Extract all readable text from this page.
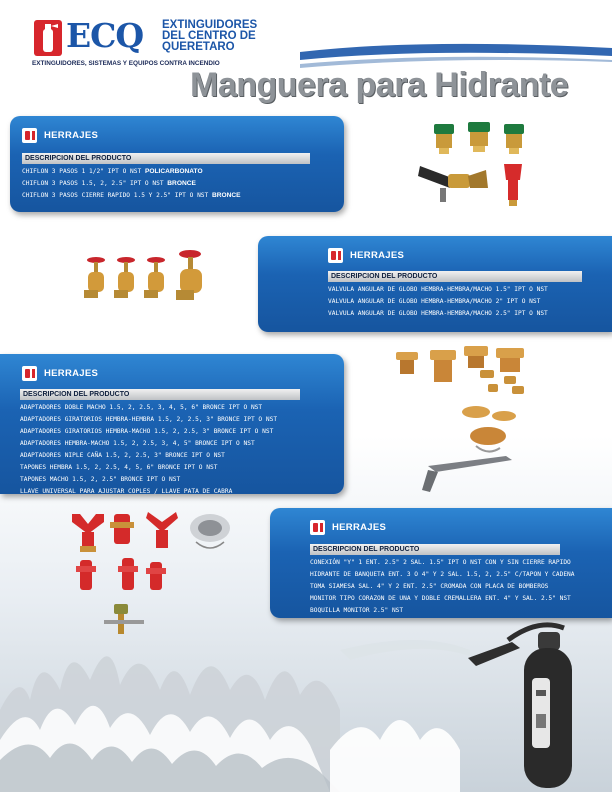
ECQ EXTINGUIDORES DEL CENTRO DE QUERETARO
EXTINGUIDORES, SISTEMAS Y EQUIPOS CONTRA INCENDIO
Manguera para Hidrante
HERRAJES
DESCRIPCION DEL PRODUCTO
CHIFLON 3 PASOS 1 1/2" IPT O NST POLICARBONATO
CHIFLON 3 PASOS 1.5, 2, 2.5" IPT O NST BRONCE
CHIFLON 3 PASOS CIERRE RAPIDO 1.5 Y 2.5" IPT O NST BRONCE
HERRAJES
DESCRIPCION DEL PRODUCTO
VALVULA ANGULAR DE GLOBO HEMBRA-HEMBRA/MACHO 1.5" IPT O NST
VALVULA ANGULAR DE GLOBO HEMBRA-HEMBRA/MACHO 2" IPT O NST
VALVULA ANGULAR DE GLOBO HEMBRA-HEMBRA/MACHO 2.5" IPT O NST
HERRAJES
DESCRIPCION DEL PRODUCTO
ADAPTADORES DOBLE MACHO 1.5, 2, 2.5, 3, 4, 5, 6" BRONCE IPT O NST
ADAPTADORES GIRATORIOS HEMBRA-HEMBRA 1.5, 2, 2.5, 3" BRONCE IPT O NST
ADAPTADORES GIRATORIOS HEMBRA-MACHO 1.5, 2, 2.5, 3" BRONCE IPT O NST
ADAPTADORES HEMBRA-MACHO 1.5, 2, 2.5, 3, 4, 5" BRONCE IPT O NST
ADAPTADORES NIPLE CAÑA 1.5, 2, 2.5, 3" BRONCE IPT O NST
TAPONES HEMBRA 1.5, 2, 2.5, 4, 5, 6" BRONCE IPT O NST
TAPONES MACHO 1.5, 2, 2.5" BRONCE IPT O NST
LLAVE UNIVERSAL PARA AJUSTAR COPLES / LLAVE PATA DE CABRA
HERRAJES
DESCRIPCION DEL PRODUCTO
CONEXIÓN "Y" 1 ENT. 2.5" 2 SAL. 1.5" IPT O NST CON Y SIN CIERRE RAPIDO
HIDRANTE DE BANQUETA ENT. 3 O 4" Y 2 SAL. 1.5, 2, 2.5" C/TAPON Y CADENA
TOMA SIAMESA SAL. 4" Y 2 ENT. 2.5" CROMADA CON PLACA DE BOMBEROS
MONITOR TIPO CORAZON DE UNA Y DOBLE CREMALLERA ENT. 4" Y SAL. 2.5" NST
BOQUILLA MONITOR 2.5" NST
